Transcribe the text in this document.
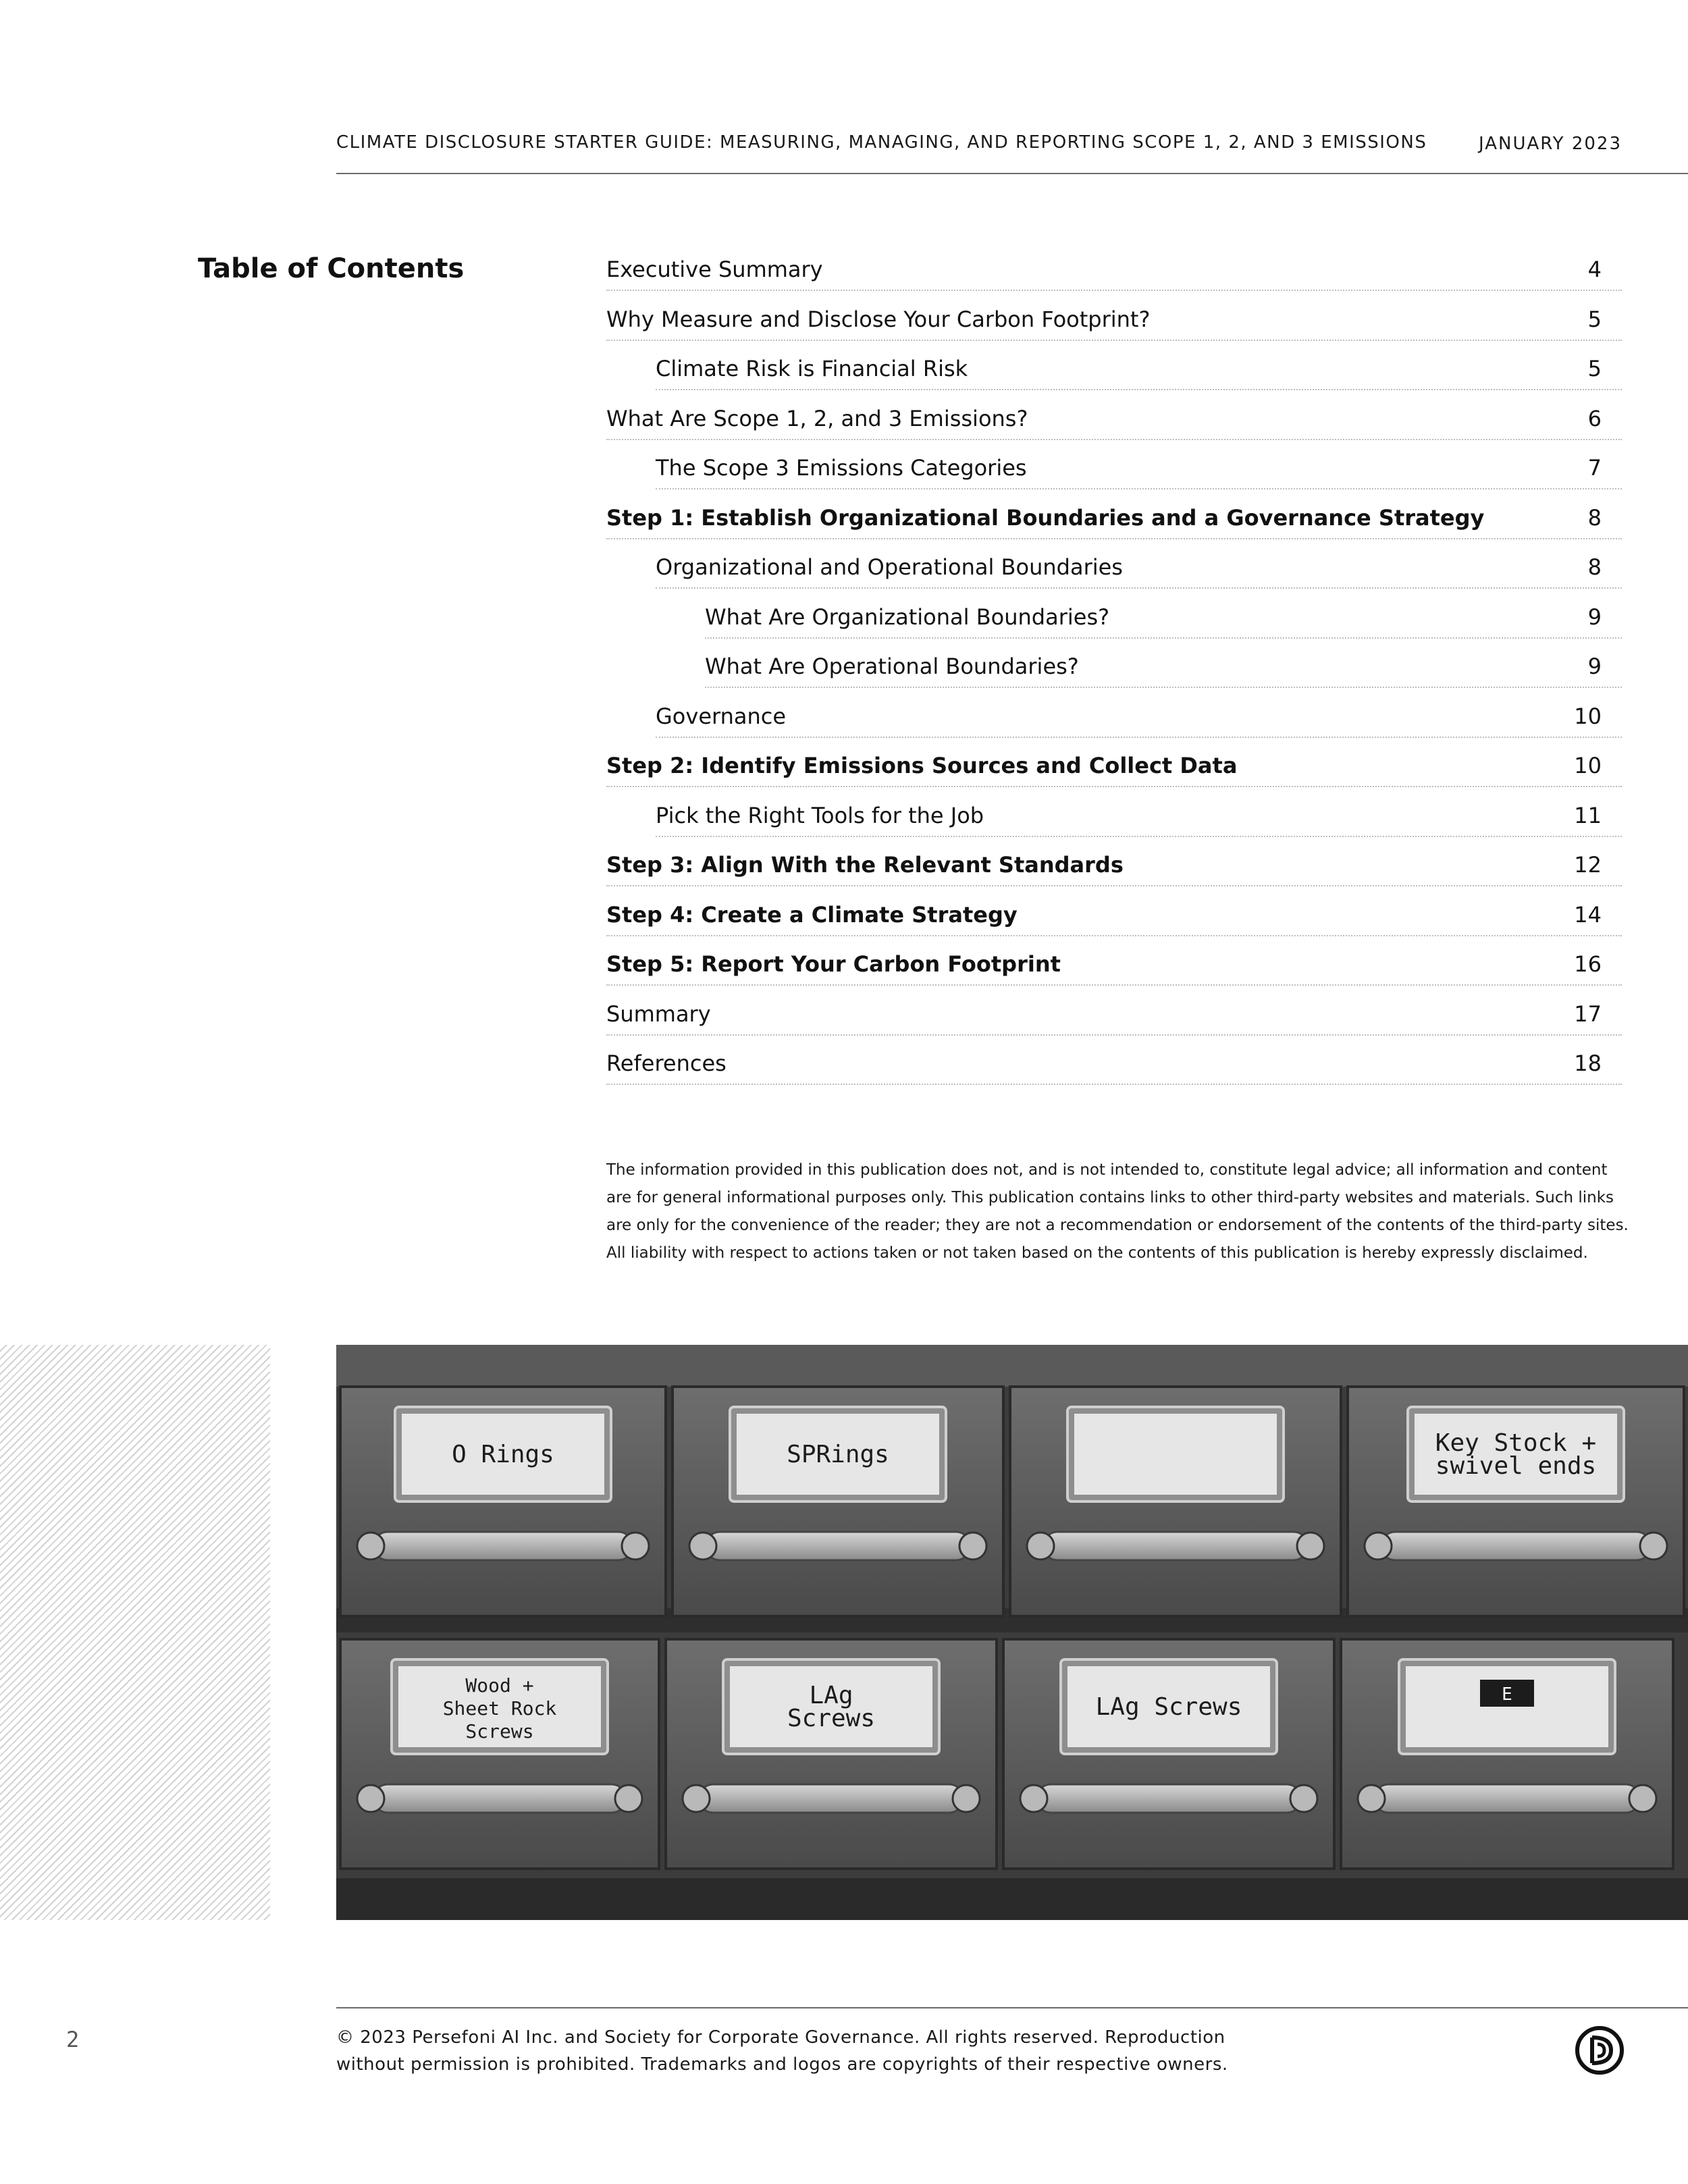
CLIMATE DISCLOSURE STARTER GUIDE: MEASURING, MANAGING, AND REPORTING SCOPE 1, 2, AND 3 EMISSIONS	JANUARY 2023
Table of Contents	Executive Summary	4
Why Measure and Disclose Your Carbon Footprint?	5
Climate Risk is Financial Risk	5
What Are Scope 1, 2, and 3 Emissions?	6
The Scope 3 Emissions Categories	7
Step 1: Establish Organizational Boundaries and a Governance Strategy	8
Organizational and Operational Boundaries	8
What Are Organizational Boundaries?	9
What Are Operational Boundaries?	9
Governance	10
Step 2: Identify Emissions Sources and Collect Data	10
Pick the Right Tools for the Job	11
Step 3: Align With the Relevant Standards	12
Step 4: Create a Climate Strategy	14
Step 5: Report Your Carbon Footprint	16
Summary	17
References	18
The information provided in this publication does not, and is not intended to, constitute legal advice; all information and content
are for general informational purposes only. This publication contains links to other third-party websites and materials. Such links
are only for the convenience of the reader; they are not a recommendation or endorsement of the contents of the third-party sites.
All liability with respect to actions taken or not taken based on the contents of this publication is hereby expressly disclaimed.
O Rings	SPRings	Key Stock +
swivel ends
Wood +
Sheet Rock
Screws
LAg
Screws	LAg Screws	E
2	© 2023 Persefoni AI Inc. and Society for Corporate Governance. All rights reserved. Reproduction
without permission is prohibited. Trademarks and logos are copyrights of their respective owners.
